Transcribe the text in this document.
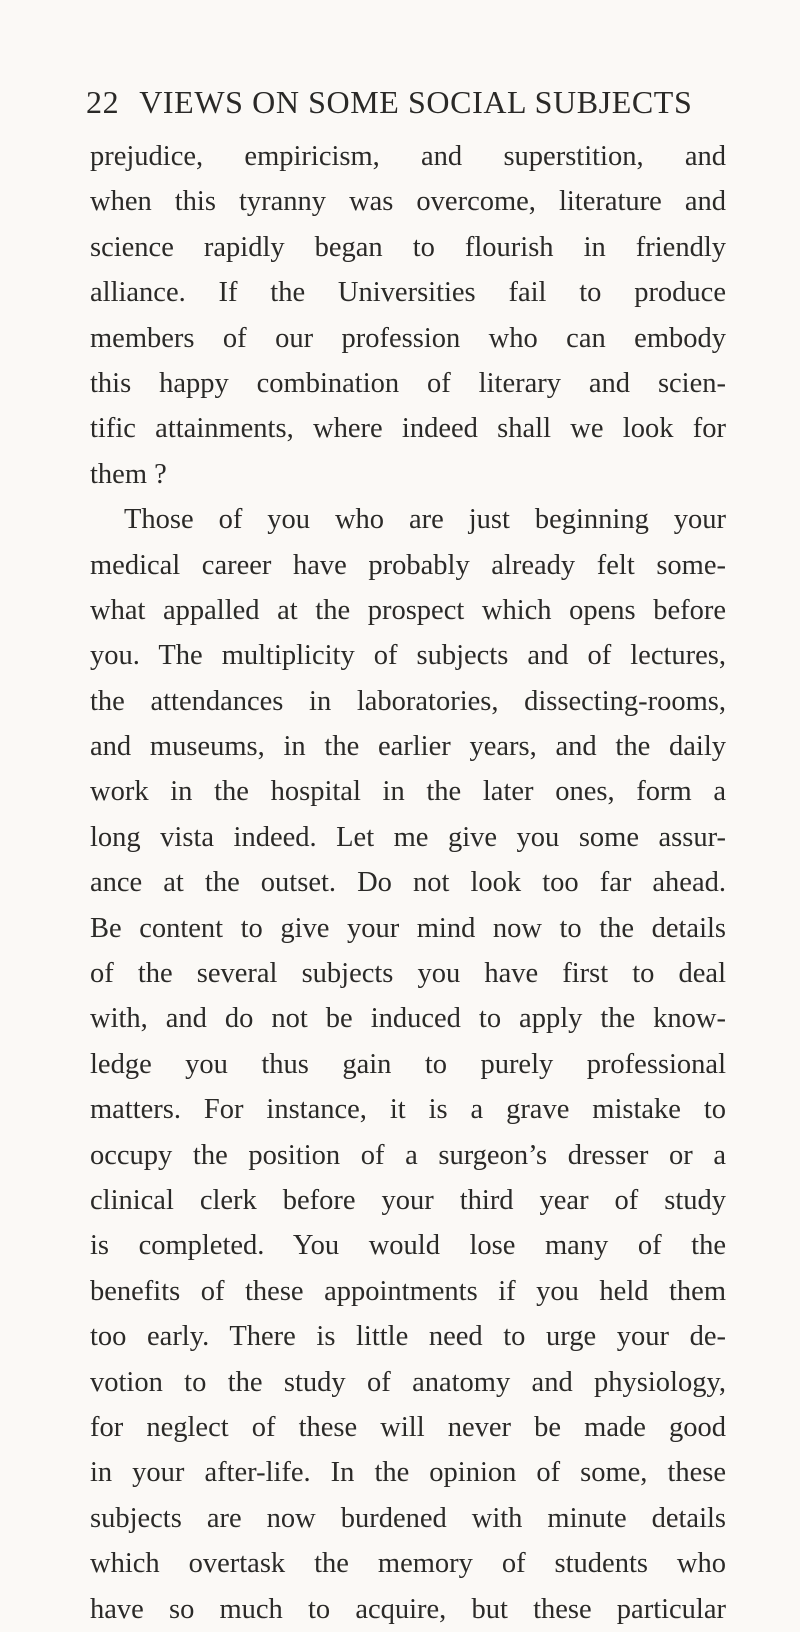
22 VIEWS ON SOME SOCIAL SUBJECTS
prejudice, empiricism, and superstition, and
when this tyranny was overcome, literature and
science rapidly began to flourish in friendly
alliance. If the Universities fail to produce
members of our profession who can embody
this happy combination of literary and scien-
tific attainments, where indeed shall we look for
them ?
Those of you who are just beginning your
medical career have probably already felt some-
what appalled at the prospect which opens before
you. The multiplicity of subjects and of lectures,
the attendances in laboratories, dissecting-rooms,
and museums, in the earlier years, and the daily
work in the hospital in the later ones, form a
long vista indeed. Let me give you some assur-
ance at the outset. Do not look too far ahead.
Be content to give your mind now to the details
of the several subjects you have first to deal
with, and do not be induced to apply the know-
ledge you thus gain to purely professional
matters. For instance, it is a grave mistake to
occupy the position of a surgeon’s dresser or a
clinical clerk before your third year of study
is completed. You would lose many of the
benefits of these appointments if you held them
too early. There is little need to urge your de-
votion to the study of anatomy and physiology,
for neglect of these will never be made good
in your after-life. In the opinion of some, these
subjects are now burdened with minute details
which overtask the memory of students who
have so much to acquire, but these particular
